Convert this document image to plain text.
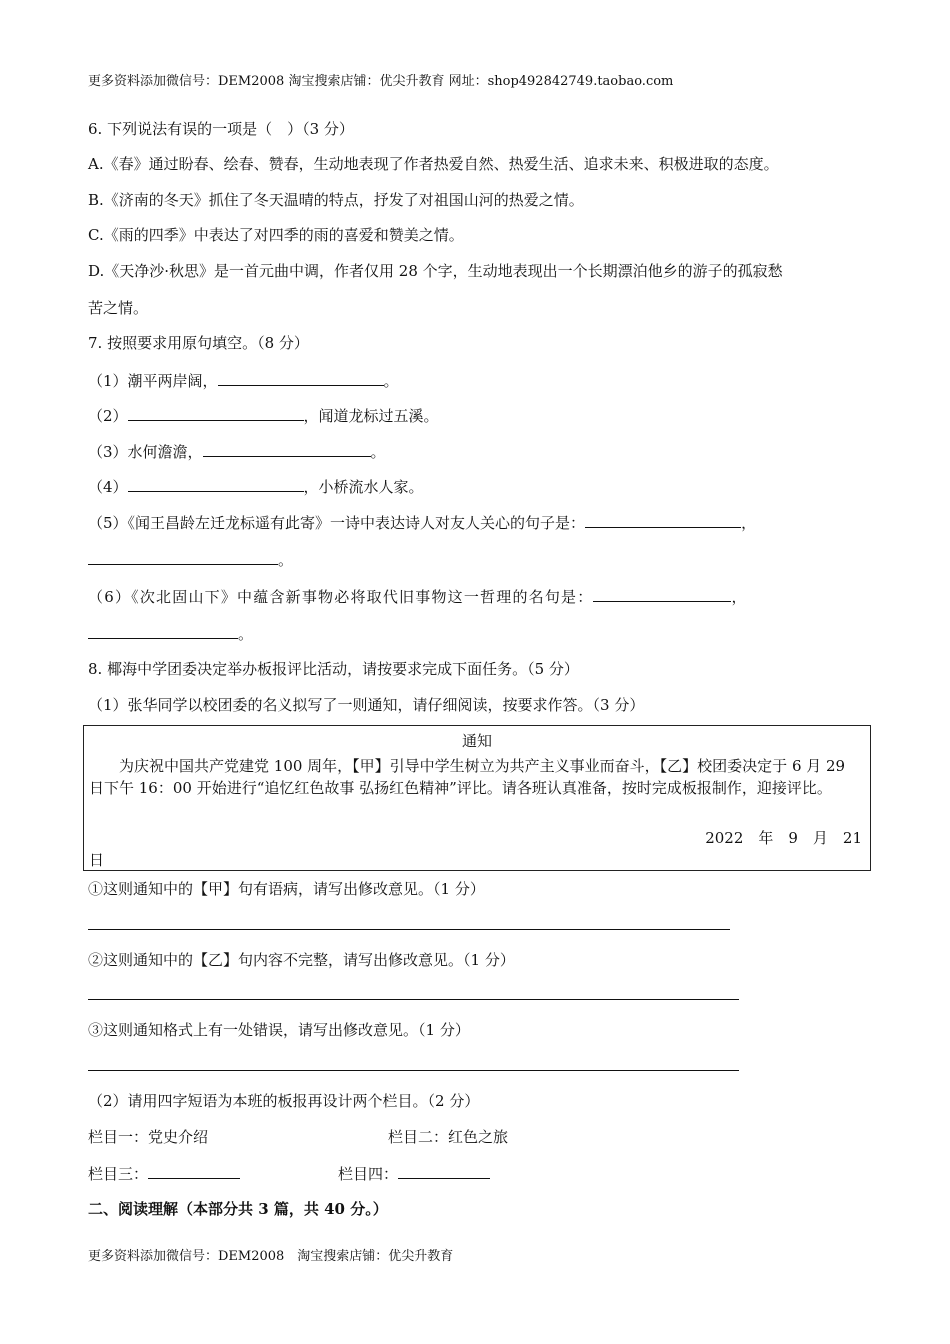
更多资料添加微信号：DEM2008 淘宝搜索店铺：优尖升教育 网址：shop492842749.taobao.com
6. 下列说法有误的一项是（　）（3 分）
A.《春》通过盼春、绘春、赞春，生动地表现了作者热爱自然、热爱生活、追求未来、积极进取的态度。
B.《济南的冬天》抓住了冬天温晴的特点，抒发了对祖国山河的热爱之情。
C.《雨的四季》中表达了对四季的雨的喜爱和赞美之情。
D.《天净沙·秋思》是一首元曲中调，作者仅用 28 个字，生动地表现出一个长期漂泊他乡的游子的孤寂愁
苦之情。
7. 按照要求用原句填空。（8 分）
（1）潮平两岸阔，	。
（2）	，闻道龙标过五溪。
（3）水何澹澹，	。
（4）	，小桥流水人家。
（5）《闻王昌龄左迁龙标遥有此寄》一诗中表达诗人对友人关心的句子是：	，
。
（6）《次北固山下》中蕴含新事物必将取代旧事物这一哲理的名句是：	，
。
8. 椰海中学团委决定举办板报评比活动，请按要求完成下面任务。（5 分）
（1）张华同学以校团委的名义拟写了一则通知，请仔细阅读，按要求作答。（3 分）
通知
为庆祝中国共产党建党 100 周年，【甲】引导中学生树立为共产主义事业而奋斗，【乙】校团委决定于 6 月 29 日下午 16：00 开始进行“追忆红色故事 弘扬红色精神”评比。请各班认真准备，按时完成板报制作，迎接评比。
2022　年　9　月　21
日
①这则通知中的【甲】句有语病，请写出修改意见。（1 分）
②这则通知中的【乙】句内容不完整，请写出修改意见。（1 分）
③这则通知格式上有一处错误，请写出修改意见。（1 分）
（2）请用四字短语为本班的板报再设计两个栏目。（2 分）
栏目一：党史介绍	栏目二：红色之旅
栏目三：	栏目四：
二、阅读理解（本部分共 3 篇，共 40 分。）
更多资料添加微信号：DEM2008　淘宝搜索店铺：优尖升教育
